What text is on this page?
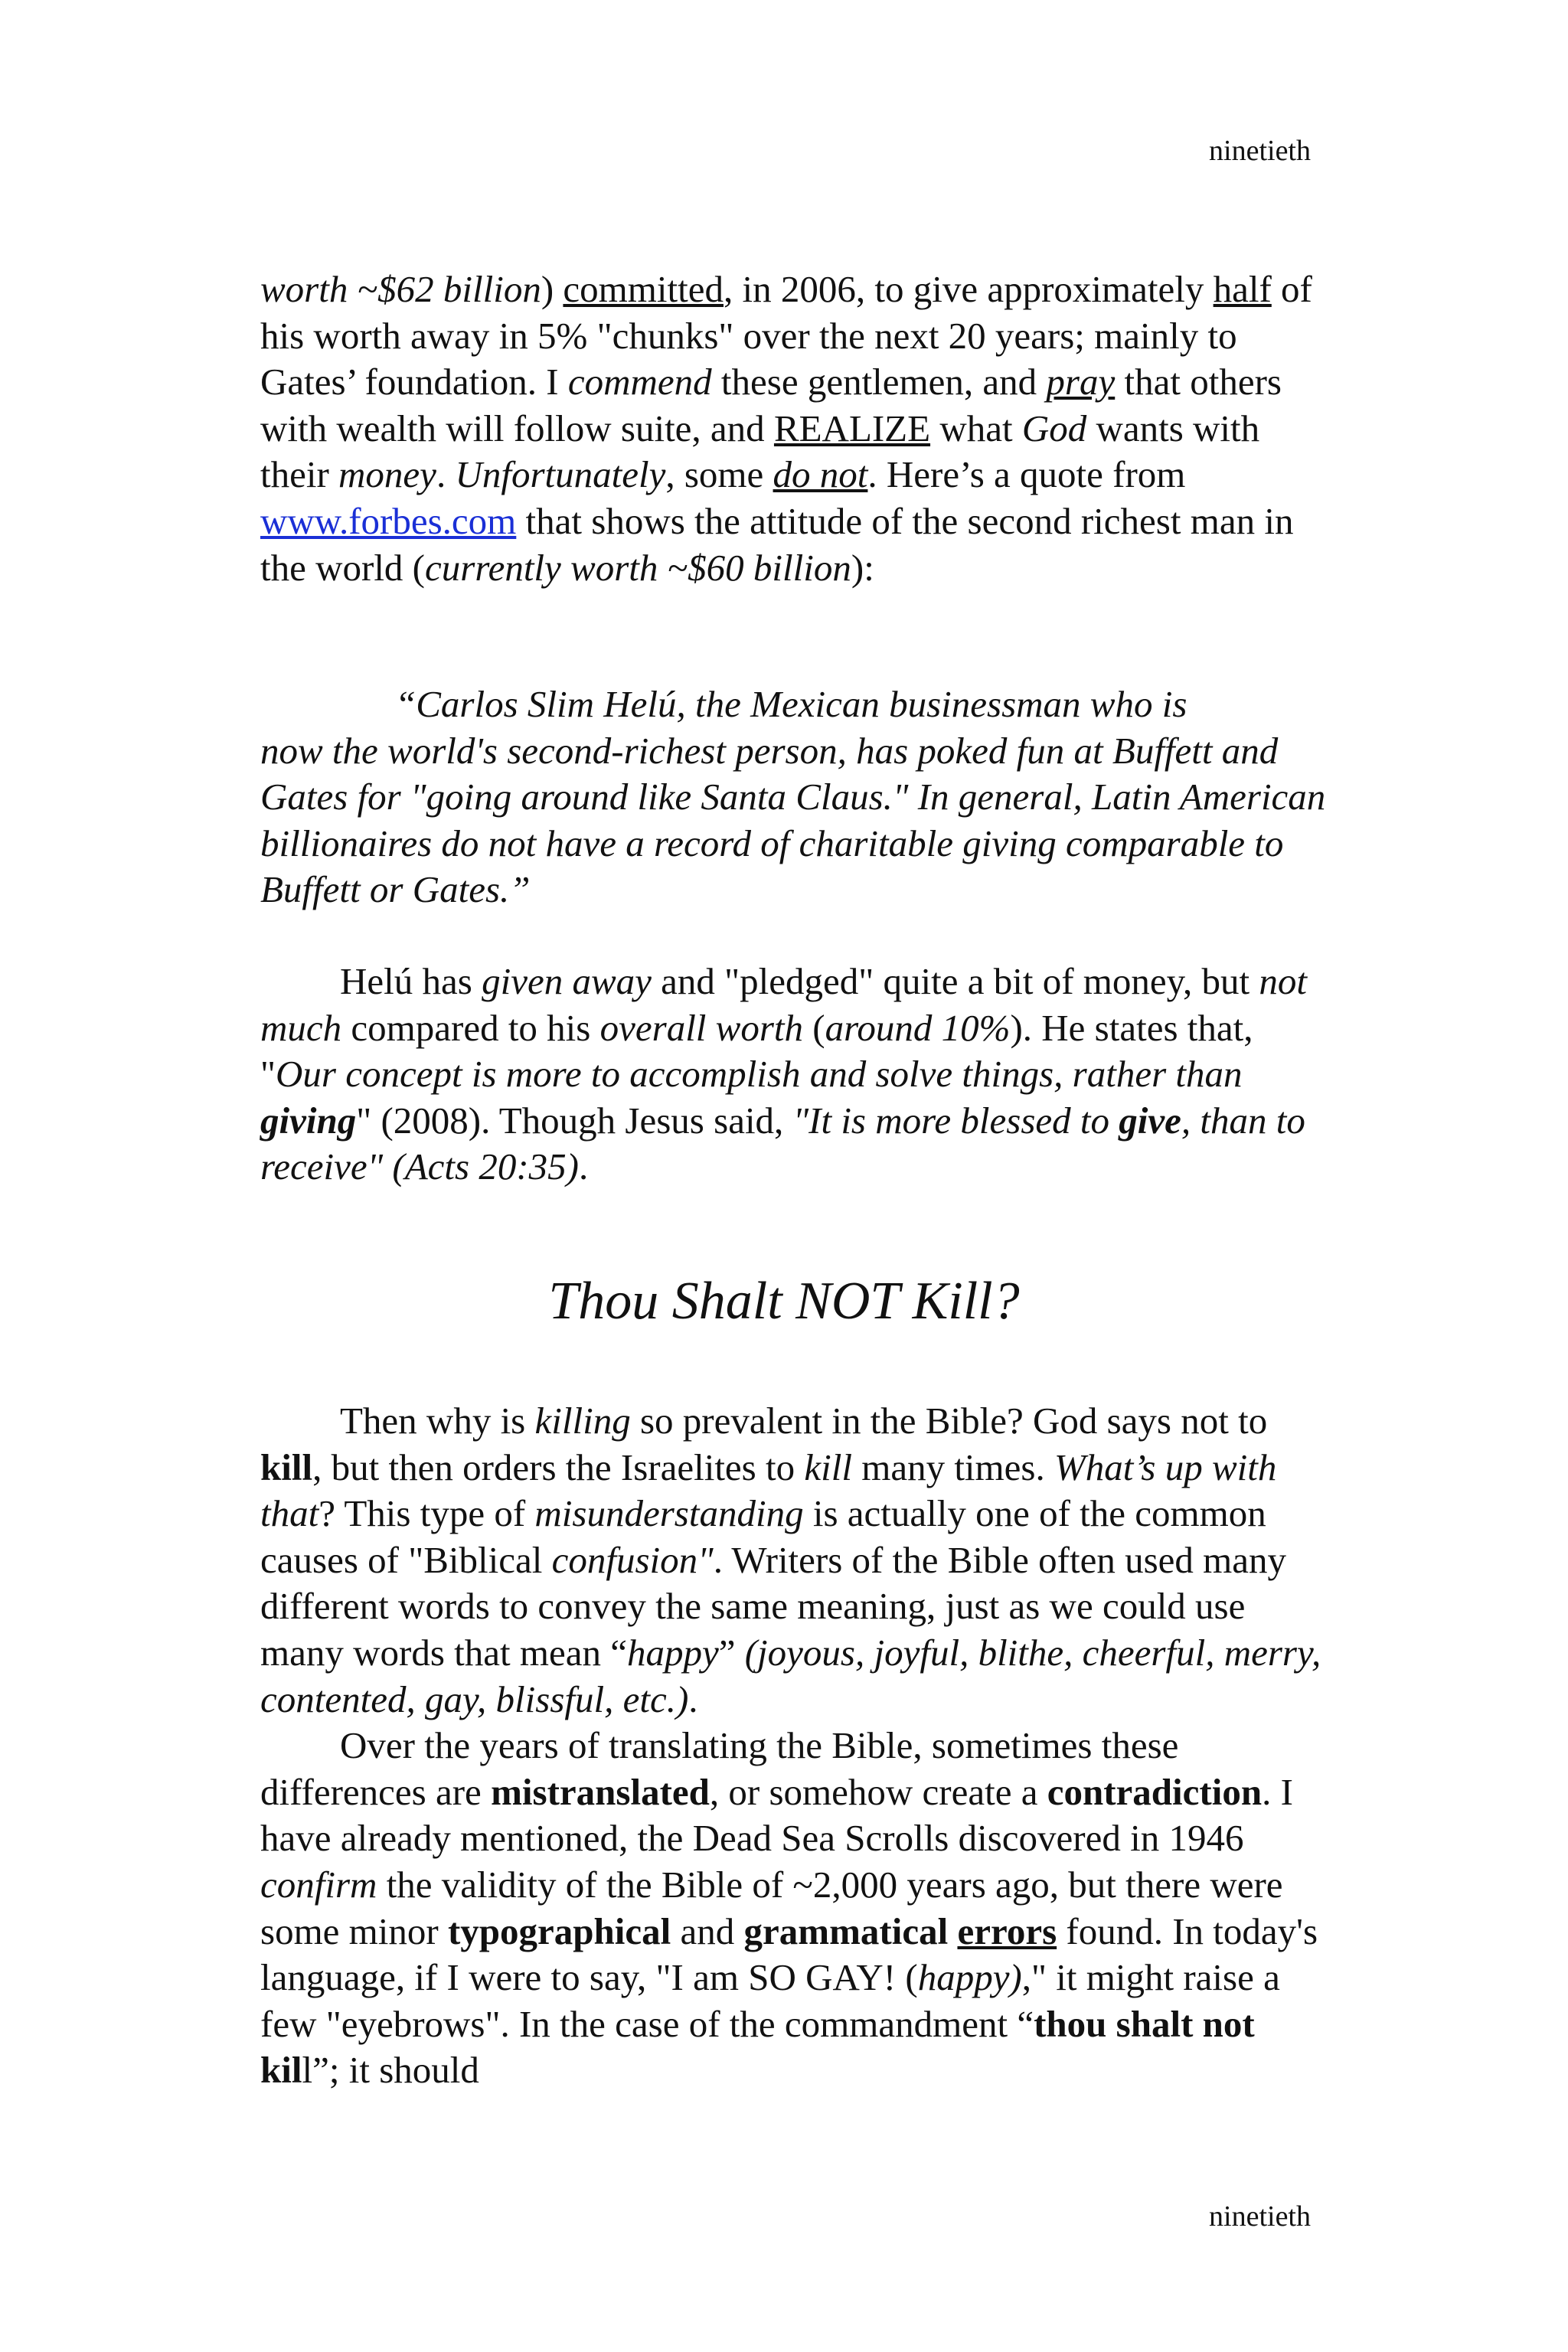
ninetieth

worth ~$62 billion) committed, in 2006, to give approximately half of his worth away in 5% "chunks" over the next 20 years; mainly to Gates’ foundation. I commend these gentlemen, and pray that others with wealth will follow suite, and REALIZE what God wants with their money. Unfortunately, some do not. Here’s a quote from www.forbes.com that shows the attitude of the second richest man in the world (currently worth ~$60 billion):

“Carlos Slim Helú, the Mexican businessman who is

now the world's second-richest person, has poked fun at Buffett and Gates for "going around like Santa Claus." In general, Latin American billionaires do not have a record of charitable giving comparable to Buffett or Gates.”

Helú has given away and "pledged" quite a bit of money, but not much compared to his overall worth (around 10%). He states that, "Our concept is more to accomplish and solve things, rather than giving" (2008). Though Jesus said, "It is more blessed to give, than to receive" (Acts 20:35).

Thou Shalt NOT Kill?

Then why is killing so prevalent in the Bible? God says not to kill, but then orders the Israelites to kill many times. What’s up with that? This type of misunderstanding is actually one of the common causes of "Biblical confusion". Writers of the Bible often used many different words to convey the same meaning, just as we could use many words that mean “happy” (joyous, joyful, blithe, cheerful, merry, contented, gay, blissful, etc.).

Over the years of translating the Bible, sometimes these differences are mistranslated, or somehow create a contradiction. I have already mentioned, the Dead Sea Scrolls discovered in 1946 confirm the validity of the Bible of ~2,000 years ago, but there were some minor typographical and grammatical errors found. In today's language, if I were to say, "I am SO GAY! (happy)," it might raise a few "eyebrows". In the case of the commandment “thou shalt not kill”; it should

ninetieth
